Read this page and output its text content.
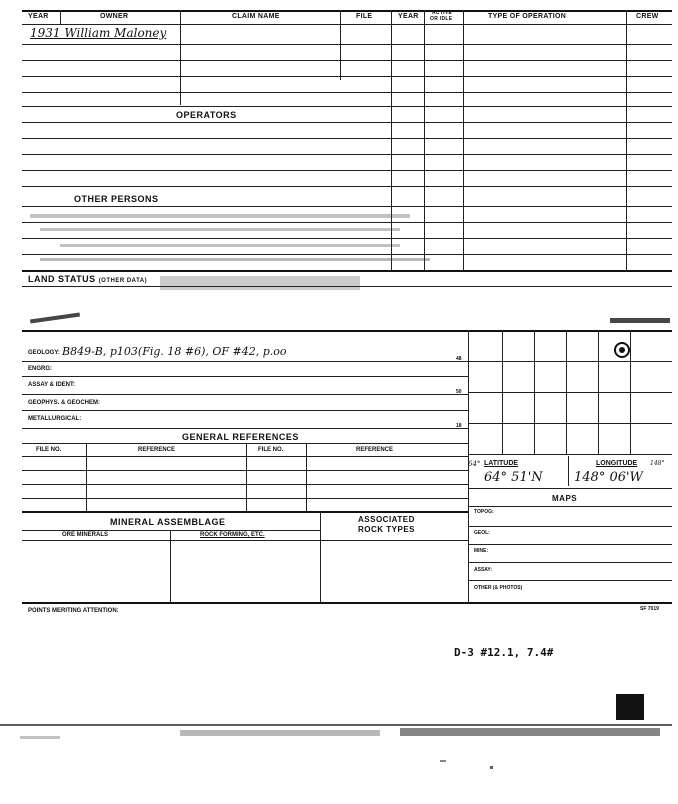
YEAR	OWNER	CLAIM NAME	FILE	YEAR	ACTIVE
OR IDLE	TYPE OF OPERATION	CREW
1931 William Maloney
OPERATORS
OTHER PERSONS
LAND STATUS (OTHER DATA)
GEOLOGY: B849-B, p103(Fig. 18 #6), OF #42, p.oo
48
ENGRG:
ASSAY & IDENT:
50
GEOPHYS. & GEOCHEM:
METALLURGICAL:
18
GENERAL REFERENCES
FILE NO.	REFERENCE	FILE NO.	REFERENCE
MINERAL ASSEMBLAGE	ASSOCIATED
ROCK TYPES
ORE MINERALS	ROCK FORMING, ETC.
64° LATITUDE	LONGITUDE 148°
64° 51'N 148° 06'W
MAPS
TOPOG:
GEOL:
MINE:
ASSAY:
OTHER (& PHOTOS)
POINTS MERITING ATTENTION:	SF 7019
D-3 #12.1, 7.4#
